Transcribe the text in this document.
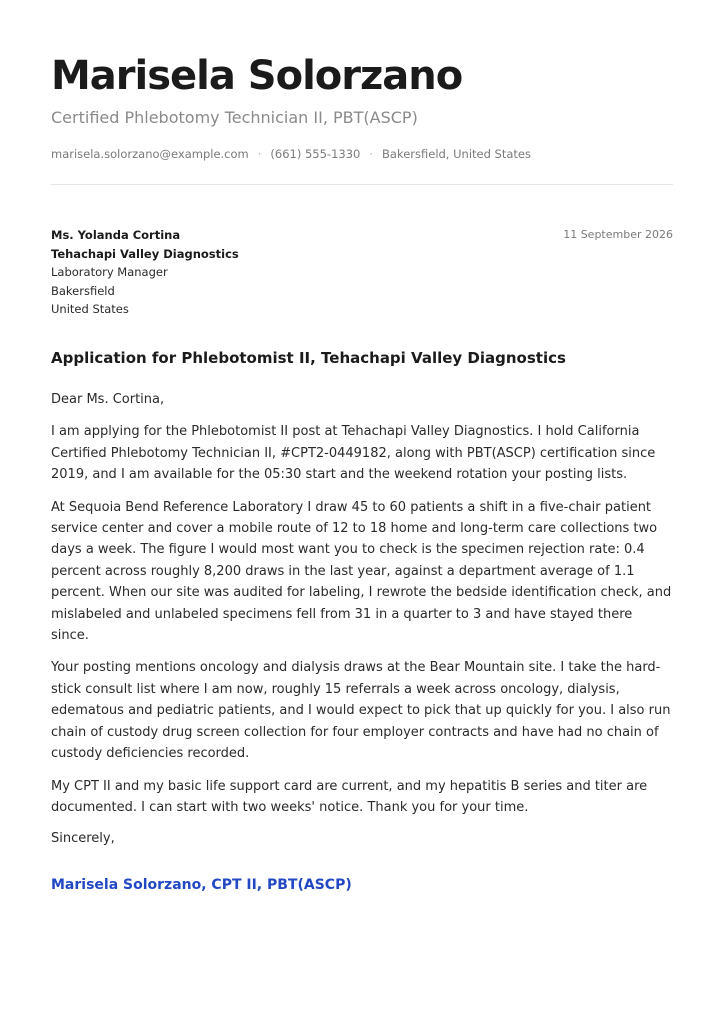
Marisela Solorzano
Certified Phlebotomy Technician II, PBT(ASCP)
marisela.solorzano@example.com · (661) 555-1330 · Bakersfield, United States
Ms. Yolanda Cortina
Tehachapi Valley Diagnostics
Laboratory Manager
Bakersfield
United States
11 September 2026
Application for Phlebotomist II, Tehachapi Valley Diagnostics

Dear Ms. Cortina,

I am applying for the Phlebotomist II post at Tehachapi Valley Diagnostics. I hold California Certified Phlebotomy Technician II, #CPT2-0449182, along with PBT(ASCP) certification since 2019, and I am available for the 05:30 start and the weekend rotation your posting lists.

At Sequoia Bend Reference Laboratory I draw 45 to 60 patients a shift in a five-chair patient service center and cover a mobile route of 12 to 18 home and long-term care collections two days a week. The figure I would most want you to check is the specimen rejection rate: 0.4 percent across roughly 8,200 draws in the last year, against a department average of 1.1 percent. When our site was audited for labeling, I rewrote the bedside identification check, and mislabeled and unlabeled specimens fell from 31 in a quarter to 3 and have stayed there since.

Your posting mentions oncology and dialysis draws at the Bear Mountain site. I take the hard-stick consult list where I am now, roughly 15 referrals a week across oncology, dialysis, edematous and pediatric patients, and I would expect to pick that up quickly for you. I also run chain of custody drug screen collection for four employer contracts and have had no chain of custody deficiencies recorded.

My CPT II and my basic life support card are current, and my hepatitis B series and titer are documented. I can start with two weeks' notice. Thank you for your time.

Sincerely,
Marisela Solorzano, CPT II, PBT(ASCP)
